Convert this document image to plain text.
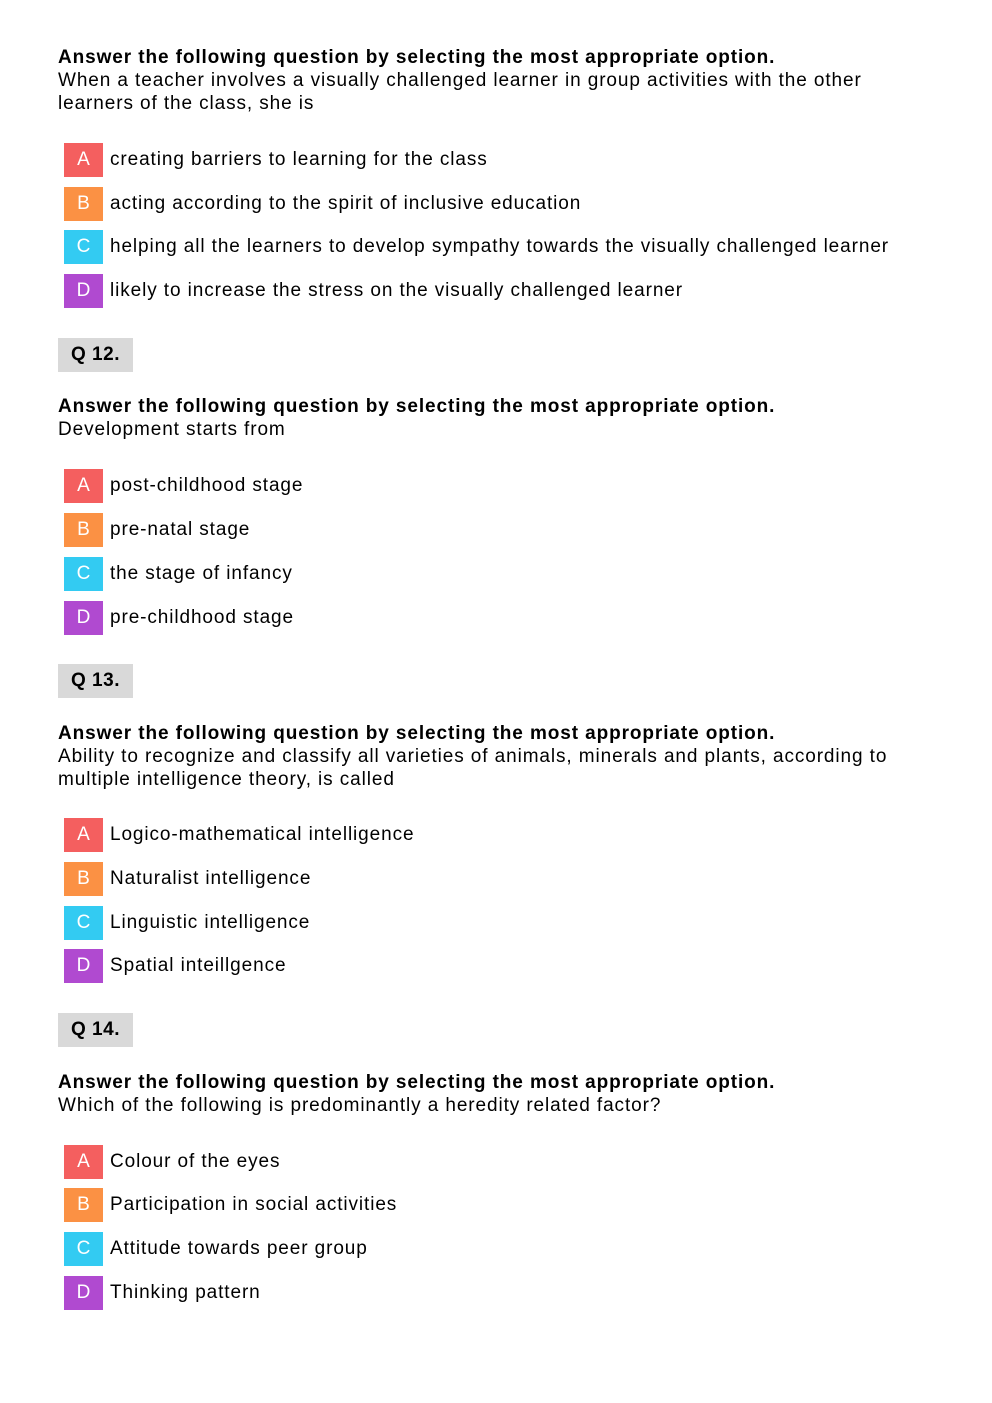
Answer the following question by selecting the most appropriate option.
When a teacher involves a visually challenged learner in group activities with the other learners of the class, she is
A	creating barriers to learning for the class
B	acting according to the spirit of inclusive education
C	helping all the learners to develop sympathy towards the visually challenged learner
D	likely to increase the stress on the visually challenged learner
Q 12.
Answer the following question by selecting the most appropriate option.
Development starts from
A	post-childhood stage
B	pre-natal stage
C	the stage of infancy
D	pre-childhood stage
Q 13.
Answer the following question by selecting the most appropriate option.
Ability to recognize and classify all varieties of animals, minerals and plants, according to multiple intelligence theory, is called
A	Logico-mathematical intelligence
B	Naturalist intelligence
C	Linguistic intelligence
D	Spatial inteillgence
Q 14.
Answer the following question by selecting the most appropriate option.
Which of the following is predominantly a heredity related factor?
A	Colour of the eyes
B	Participation in social activities
C	Attitude towards peer group
D	Thinking pattern
